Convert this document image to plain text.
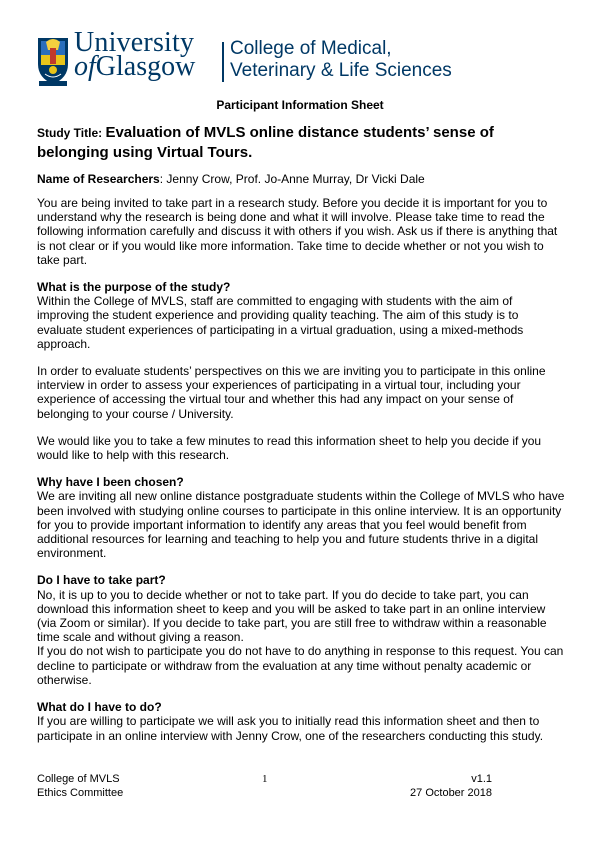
University
ofGlasgow
College of Medical,
Veterinary & Life Sciences
Participant Information Sheet
Study Title: Evaluation of MVLS online distance students’ sense of belonging using Virtual Tours.
Name of Researchers: Jenny Crow, Prof. Jo-Anne Murray, Dr Vicki Dale

You are being invited to take part in a research study. Before you decide it is important for you to understand why the research is being done and what it will involve. Please take time to read the following information carefully and discuss it with others if you wish. Ask us if there is anything that is not clear or if you would like more information. Take time to decide whether or not you wish to take part.

What is the purpose of the study?

Within the College of MVLS, staff are committed to engaging with students with the aim of improving the student experience and providing quality teaching. The aim of this study is to evaluate student experiences of participating in a virtual graduation, using a mixed-methods approach.

In order to evaluate students’ perspectives on this we are inviting you to participate in this online interview in order to assess your experiences of participating in a virtual tour, including your experience of accessing the virtual tour and whether this had any impact on your sense of belonging to your course / University.

We would like you to take a few minutes to read this information sheet to help you decide if you would like to help with this research.

Why have I been chosen?

We are inviting all new online distance postgraduate students within the College of MVLS who have been involved with studying online courses to participate in this online interview. It is an opportunity for you to provide important information to identify any areas that you feel would benefit from additional resources for learning and teaching to help you and future students thrive in a digital environment.

Do I have to take part?

No, it is up to you to decide whether or not to take part. If you do decide to take part, you can download this information sheet to keep and you will be asked to take part in an online interview (via Zoom or similar). If you decide to take part, you are still free to withdraw within a reasonable time scale and without giving a reason.

If you do not wish to participate you do not have to do anything in response to this request. You can decline to participate or withdraw from the evaluation at any time without penalty academic or otherwise.

What do I have to do?

If you are willing to participate we will ask you to initially read this information sheet and then to participate in an online interview with Jenny Crow, one of the researchers conducting this study.

College of MVLS
Ethics Committee
1	v1.1
27 October 2018
